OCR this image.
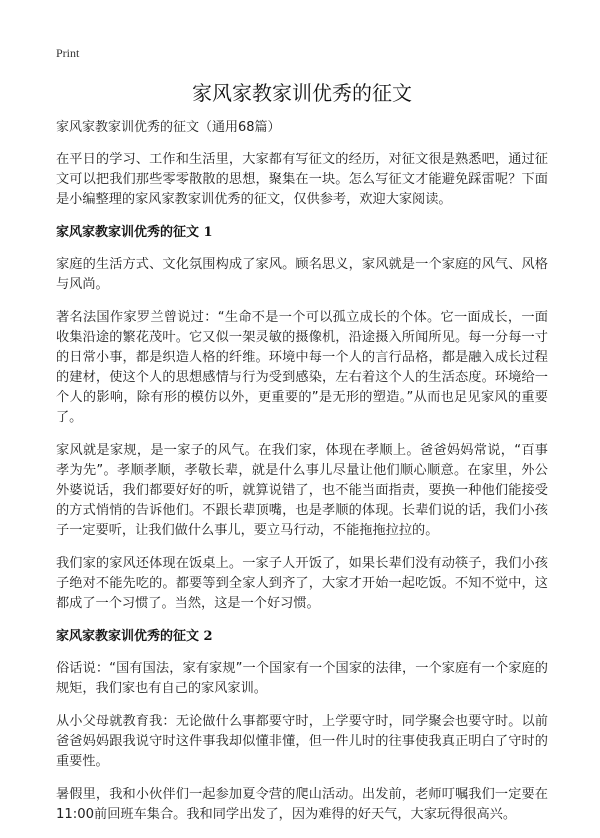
Print
家风家教家训优秀的征文
家风家教家训优秀的征文（通用68篇）

在平日的学习、工作和生活里，大家都有写征文的经历，对征文很是熟悉吧，通过征文可以把我们那些零零散散的思想，聚集在一块。怎么写征文才能避免踩雷呢？下面是小编整理的家风家教家训优秀的征文，仅供参考，欢迎大家阅读。

家风家教家训优秀的征文 1

家庭的生活方式、文化氛围构成了家风。顾名思义，家风就是一个家庭的风气、风格与风尚。

著名法国作家罗兰曾说过：“生命不是一个可以孤立成长的个体。它一面成长，一面收集沿途的繁花茂叶。它又似一架灵敏的摄像机，沿途摄入所闻所见。每一分每一寸的日常小事，都是织造人格的纤维。环境中每一个人的言行品格，都是融入成长过程的建材，使这个人的思想感情与行为受到感染，左右着这个人的生活态度。环境给一个人的影响，除有形的模仿以外，更重要的”是无形的塑造。”从而也足见家风的重要了。

家风就是家规，是一家子的风气。在我们家，体现在孝顺上。爸爸妈妈常说，“百事孝为先”。孝顺孝顺，孝敬长辈，就是什么事儿尽量让他们顺心顺意。在家里，外公外婆说话，我们都要好好的听，就算说错了，也不能当面指责，要换一种他们能接受的方式悄悄的告诉他们。不跟长辈顶嘴，也是孝顺的体现。长辈们说的话，我们小孩子一定要听，让我们做什么事儿，要立马行动，不能拖拖拉拉的。

我们家的家风还体现在饭桌上。一家子人开饭了，如果长辈们没有动筷子，我们小孩子绝对不能先吃的。都要等到全家人到齐了，大家才开始一起吃饭。不知不觉中，这都成了一个习惯了。当然，这是一个好习惯。

家风家教家训优秀的征文 2

俗话说：“国有国法，家有家规”一个国家有一个国家的法律，一个家庭有一个家庭的规矩，我们家也有自己的家风家训。

从小父母就教育我：无论做什么事都要守时，上学要守时，同学聚会也要守时。以前爸爸妈妈跟我说守时这件事我却似懂非懂，但一件儿时的往事使我真正明白了守时的重要性。

暑假里，我和小伙伴们一起参加夏令营的爬山活动。出发前，老师叮嘱我们一定要在11:00前回班车集合。我和同学出发了，因为难得的好天气，大家玩得很高兴。
